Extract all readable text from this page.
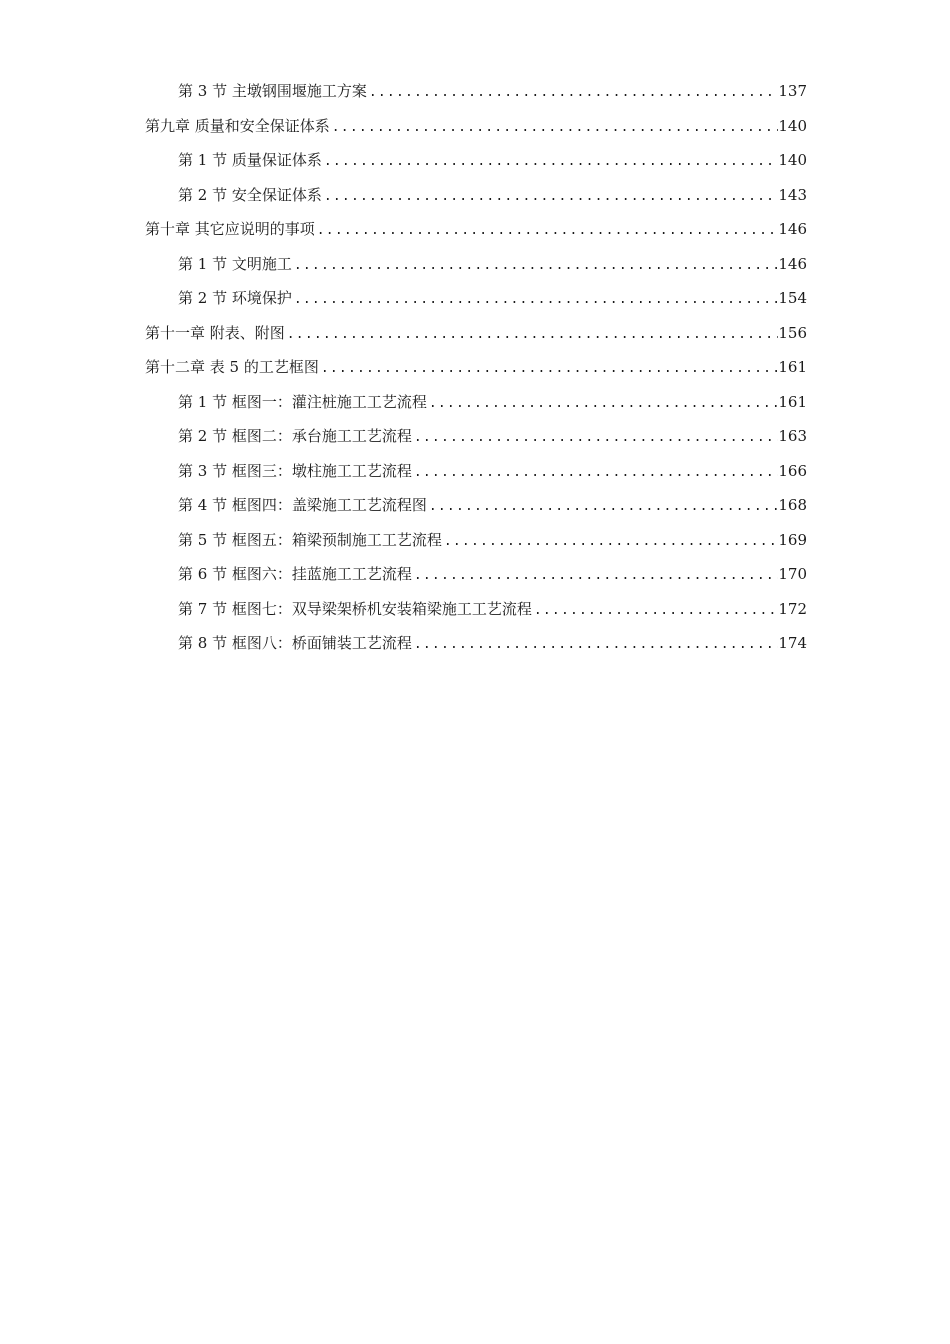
第 3 节 主墩钢围堰施工方案 .....	137
第九章 质量和安全保证体系 .....	140
第 1 节 质量保证体系 .....	140
第 2 节 安全保证体系 .....	143
第十章 其它应说明的事项 .....	146
第 1 节 文明施工 .....	146
第 2 节 环境保护 .....	154
第十一章 附表、附图 .....	156
第十二章 表 5 的工艺框图 .....	161
第 1 节 框图一：灌注桩施工工艺流程 .....	161
第 2 节 框图二：承台施工工艺流程 .....	163
第 3 节 框图三：墩柱施工工艺流程 .....	166
第 4 节 框图四：盖梁施工工艺流程图 .....	168
第 5 节 框图五：箱梁预制施工工艺流程 .....	169
第 6 节 框图六：挂蓝施工工艺流程 .....	170
第 7 节 框图七：双导梁架桥机安装箱梁施工工艺流程 .....	172
第 8 节 框图八：桥面铺装工艺流程 .....	174
